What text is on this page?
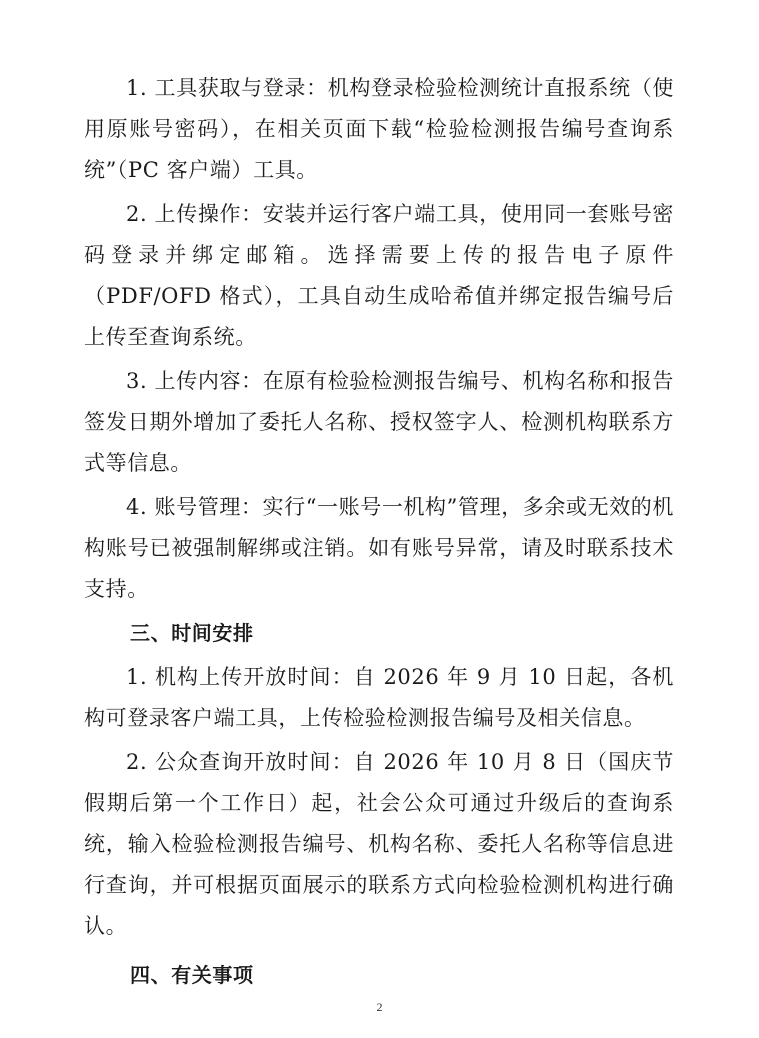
1. 工具获取与登录：机构登录检验检测统计直报系统（使用原账号密码），在相关页面下载“检验检测报告编号查询系统”（PC 客户端）工具。

2. 上传操作：安装并运行客户端工具，使用同一套账号密码登录并绑定邮箱。选择需要上传的报告电子原件（PDF/OFD 格式），工具自动生成哈希值并绑定报告编号后上传至查询系统。

3. 上传内容：在原有检验检测报告编号、机构名称和报告签发日期外增加了委托人名称、授权签字人、检测机构联系方式等信息。

4. 账号管理：实行“一账号一机构”管理，多余或无效的机构账号已被强制解绑或注销。如有账号异常，请及时联系技术支持。

三、时间安排

1. 机构上传开放时间：自 2026 年 9 月 10 日起，各机构可登录客户端工具，上传检验检测报告编号及相关信息。

2. 公众查询开放时间：自 2026 年 10 月 8 日（国庆节假期后第一个工作日）起，社会公众可通过升级后的查询系统，输入检验检测报告编号、机构名称、委托人名称等信息进行查询，并可根据页面展示的联系方式向检验检测机构进行确认。

四、有关事项
2
